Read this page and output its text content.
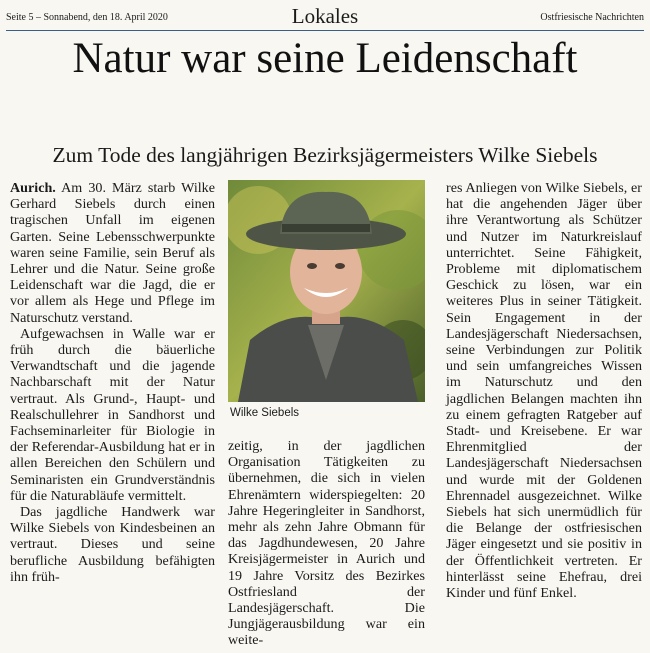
Seite 5 – Sonnabend, den 18. April 2020	Lokales	Ostfriesische Nachrichten
Natur war seine Leidenschaft
Zum Tode des langjährigen Bezirksjägermeisters Wilke Siebels

Aurich. Am 30. März starb Wilke Gerhard Siebels durch einen tragischen Unfall im eigenen Garten. Seine Lebensschwerpunkte waren seine Familie, sein Beruf als Lehrer und die Natur. Seine große Leidenschaft war die Jagd, die er vor allem als Hege und Pflege im Naturschutz verstand.

Aufgewachsen in Walle war er früh durch die bäuerliche Verwandtschaft und die jagende Nachbarschaft mit der Natur vertraut. Als Grund-, Haupt- und Realschullehrer in Sandhorst und Fachseminarleiter für Biologie in der Referendar-Ausbildung hat er in allen Bereichen den Schülern und Seminaristen ein Grundverständnis für die Naturabläufe vermittelt.

Das jagdliche Handwerk war Wilke Siebels von Kindesbeinen an vertraut. Dieses und seine berufliche Ausbildung befähigten ihn früh-

Wilke Siebels

zeitig, in der jagdlichen Organisation Tätigkeiten zu übernehmen, die sich in vielen Ehrenämtern widerspiegelten: 20 Jahre Hegeringleiter in Sandhorst, mehr als zehn Jahre Obmann für das Jagdhundewesen, 20 Jahre Kreisjägermeister in Aurich und 19 Jahre Vorsitz des Bezirkes Ostfriesland der Landesjägerschaft. Die Jungjägerausbildung war ein weite-

res Anliegen von Wilke Siebels, er hat die angehenden Jäger über ihre Verantwortung als Schützer und Nutzer im Naturkreislauf unterrichtet. Seine Fähigkeit, Probleme mit diplomatischem Geschick zu lösen, war ein weiteres Plus in seiner Tätigkeit. Sein Engagement in der Landesjägerschaft Niedersachsen, seine Verbindungen zur Politik und sein umfangreiches Wissen im Naturschutz und den jagdlichen Belangen machten ihn zu einem gefragten Ratgeber auf Stadt- und Kreisebene. Er war Ehrenmitglied der Landesjägerschaft Niedersachsen und wurde mit der Goldenen Ehrennadel ausgezeichnet. Wilke Siebels hat sich unermüdlich für die Belange der ostfriesischen Jäger eingesetzt und sie positiv in der Öffentlichkeit vertreten. Er hinterlässt seine Ehefrau, drei Kinder und fünf Enkel.
